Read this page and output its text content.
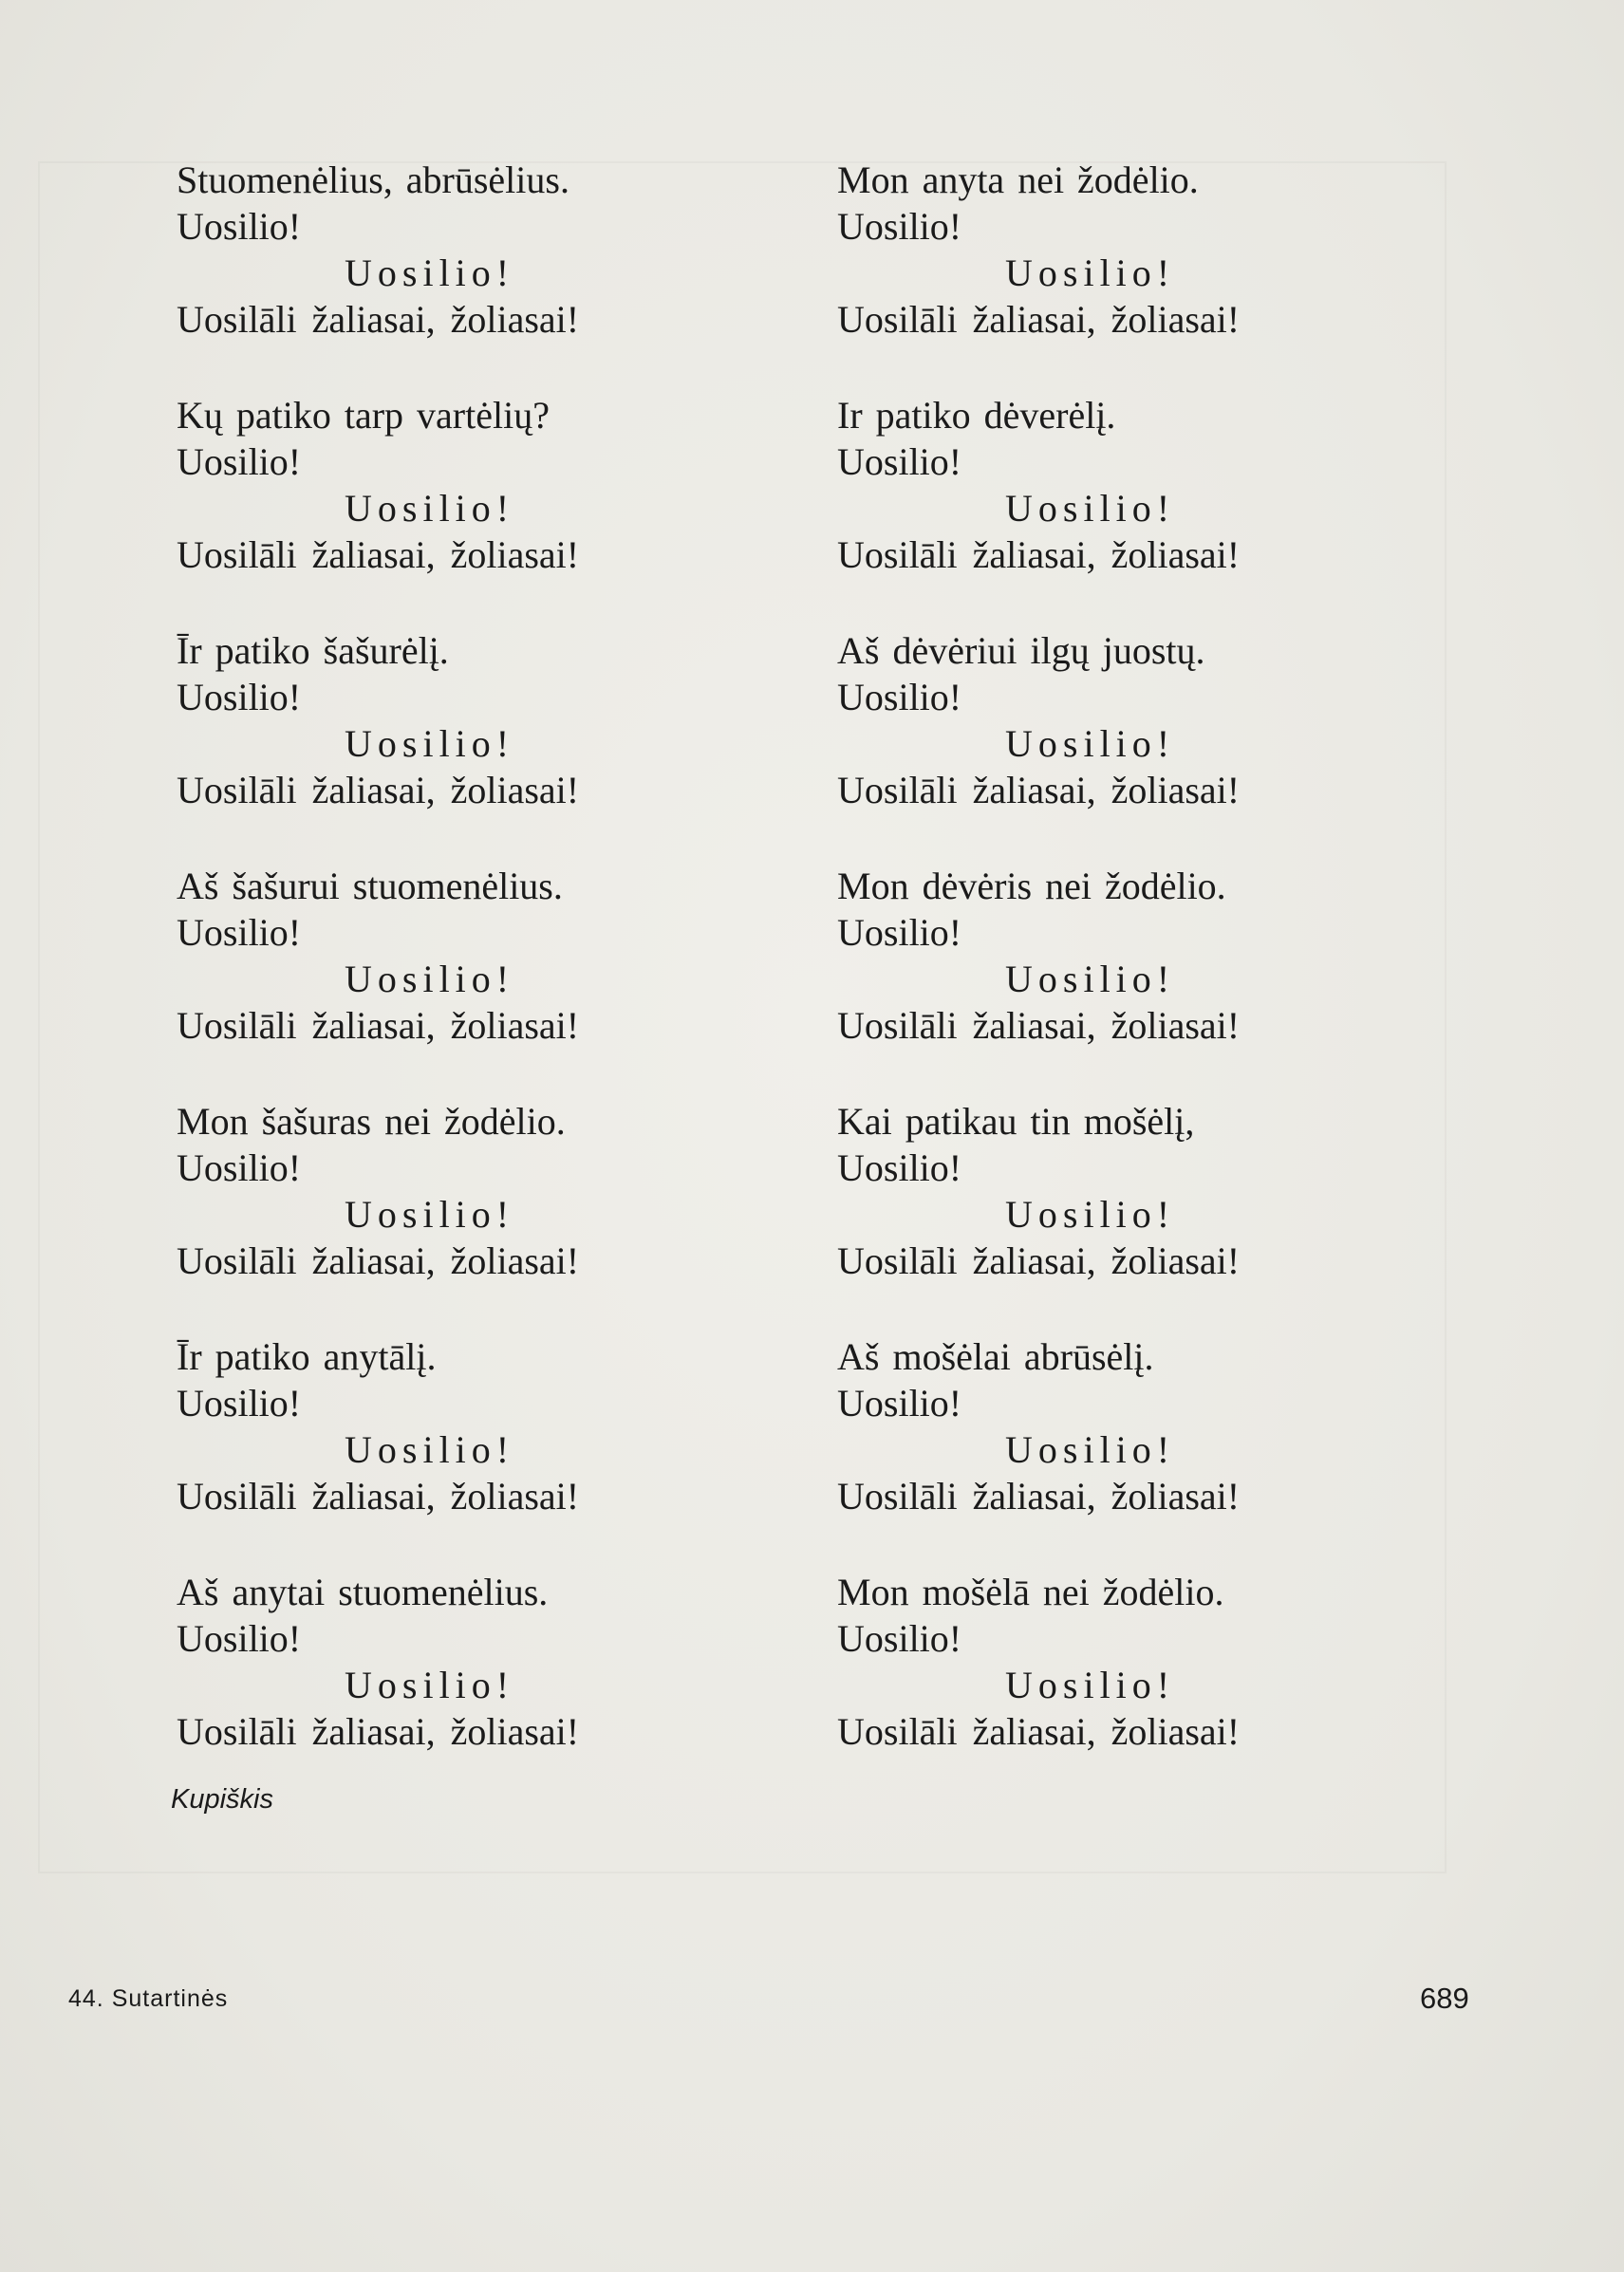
Stuomenėlius, abrūsėlius.
Uosilio!
Uosilio!
Uosilāli žaliasai, žoliasai!
Kų patiko tarp vartėlių?
Uosilio!
Uosilio!
Uosilāli žaliasai, žoliasai!
Īr patiko šašurėlį.
Uosilio!
Uosilio!
Uosilāli žaliasai, žoliasai!
Aš šašurui stuomenėlius.
Uosilio!
Uosilio!
Uosilāli žaliasai, žoliasai!
Mon šašuras nei žodėlio.
Uosilio!
Uosilio!
Uosilāli žaliasai, žoliasai!
Īr patiko anytālį.
Uosilio!
Uosilio!
Uosilāli žaliasai, žoliasai!
Aš anytai stuomenėlius.
Uosilio!
Uosilio!
Uosilāli žaliasai, žoliasai!
Mon anyta nei žodėlio.
Uosilio!
Uosilio!
Uosilāli žaliasai, žoliasai!
Ir patiko dėverėlį.
Uosilio!
Uosilio!
Uosilāli žaliasai, žoliasai!
Aš dėvėriui ilgų juostų.
Uosilio!
Uosilio!
Uosilāli žaliasai, žoliasai!
Mon dėvėris nei žodėlio.
Uosilio!
Uosilio!
Uosilāli žaliasai, žoliasai!
Kai patikau tin mošėlį,
Uosilio!
Uosilio!
Uosilāli žaliasai, žoliasai!
Aš mošėlai abrūsėlį.
Uosilio!
Uosilio!
Uosilāli žaliasai, žoliasai!
Mon mošėlā nei žodėlio.
Uosilio!
Uosilio!
Uosilāli žaliasai, žoliasai!
Kupiškis
44. Sutartinės	689
